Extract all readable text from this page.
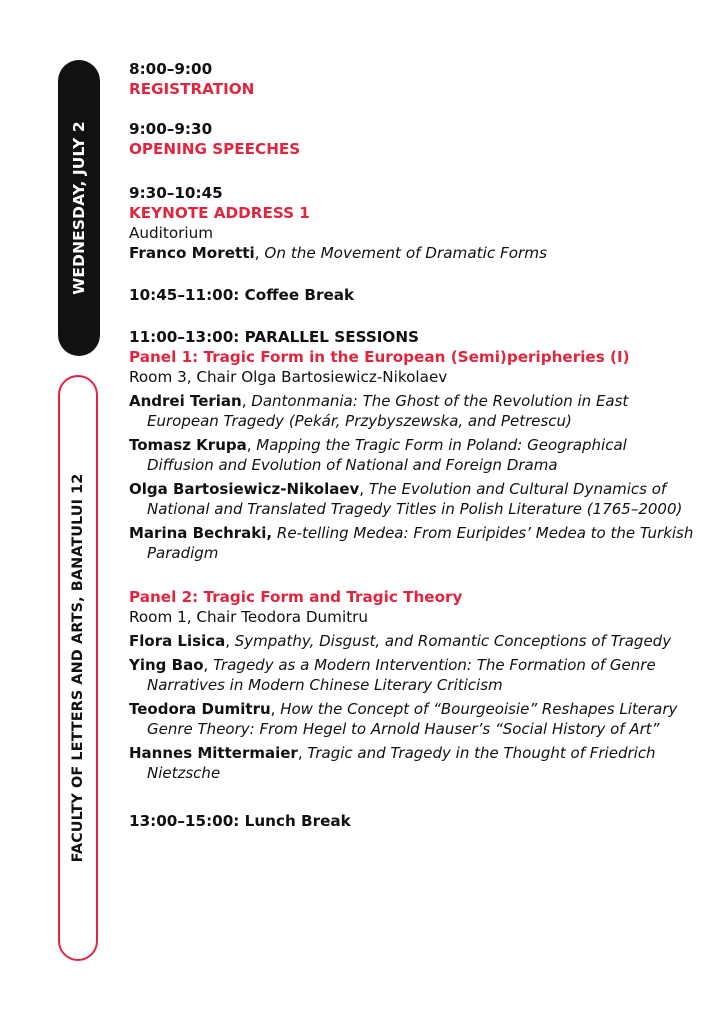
WEDNESDAY, JULY 2
FACULTY OF LETTERS AND ARTS, BANATULUI 12
8:00–9:00
REGISTRATION
9:00–9:30
OPENING SPEECHES
9:30–10:45
KEYNOTE ADDRESS 1
Auditorium
Franco Moretti, On the Movement of Dramatic Forms
10:45–11:00: Coffee Break
11:00–13:00: PARALLEL SESSIONS
Panel 1: Tragic Form in the European (Semi)peripheries (I)
Room 3, Chair Olga Bartosiewicz-Nikolaev
Andrei Terian, Dantonmania: The Ghost of the Revolution in East European Tragedy (Pekár, Przybyszewska, and Petrescu)
Tomasz Krupa, Mapping the Tragic Form in Poland: Geographical Diffusion and Evolution of National and Foreign Drama
Olga Bartosiewicz-Nikolaev, The Evolution and Cultural Dynamics of National and Translated Tragedy Titles in Polish Literature (1765–2000)
Marina Bechraki, Re-telling Medea: From Euripides’ Medea to the Turkish Paradigm
Panel 2: Tragic Form and Tragic Theory
Room 1, Chair Teodora Dumitru
Flora Lisica, Sympathy, Disgust, and Romantic Conceptions of Tragedy
Ying Bao, Tragedy as a Modern Intervention: The Formation of Genre Narratives in Modern Chinese Literary Criticism
Teodora Dumitru, How the Concept of “Bourgeoisie” Reshapes Literary Genre Theory: From Hegel to Arnold Hauser’s “Social History of Art”
Hannes Mittermaier, Tragic and Tragedy in the Thought of Friedrich Nietzsche
13:00–15:00: Lunch Break
